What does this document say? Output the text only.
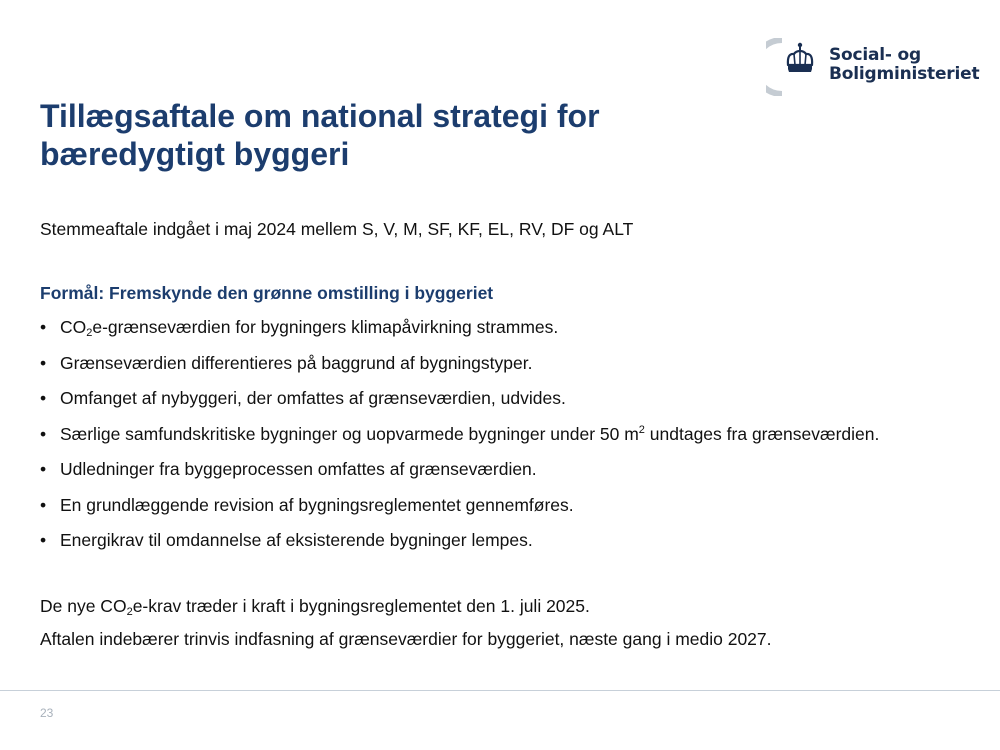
Social- og
Boligministeriet
Tillægsaftale om national strategi for
bæredygtigt byggeri

Stemmeaftale indgået i maj 2024 mellem S, V, M, SF, KF, EL, RV, DF og ALT

Formål: Fremskynde den grønne omstilling i byggeriet

• $CO_2e$-grænseværdien for bygningers klimapåvirkning strammes.
• Grænseværdien differentieres på baggrund af bygningstyper.
• Omfanget af nybyggeri, der omfattes af grænseværdien, udvides.
• Særlige samfundskritiske bygninger og uopvarmede bygninger under 50 $m^2$ undtages fra grænseværdien.
• Udledninger fra byggeprocessen omfattes af grænseværdien.
• En grundlæggende revision af bygningsreglementet gennemføres.
• Energikrav til omdannelse af eksisterende bygninger lempes.

De nye $CO_2e$-krav træder i kraft i bygningsreglementet den 1. juli 2025.

Aftalen indebærer trinvis indfasning af grænseværdier for byggeriet, næste gang i medio 2027.

23
